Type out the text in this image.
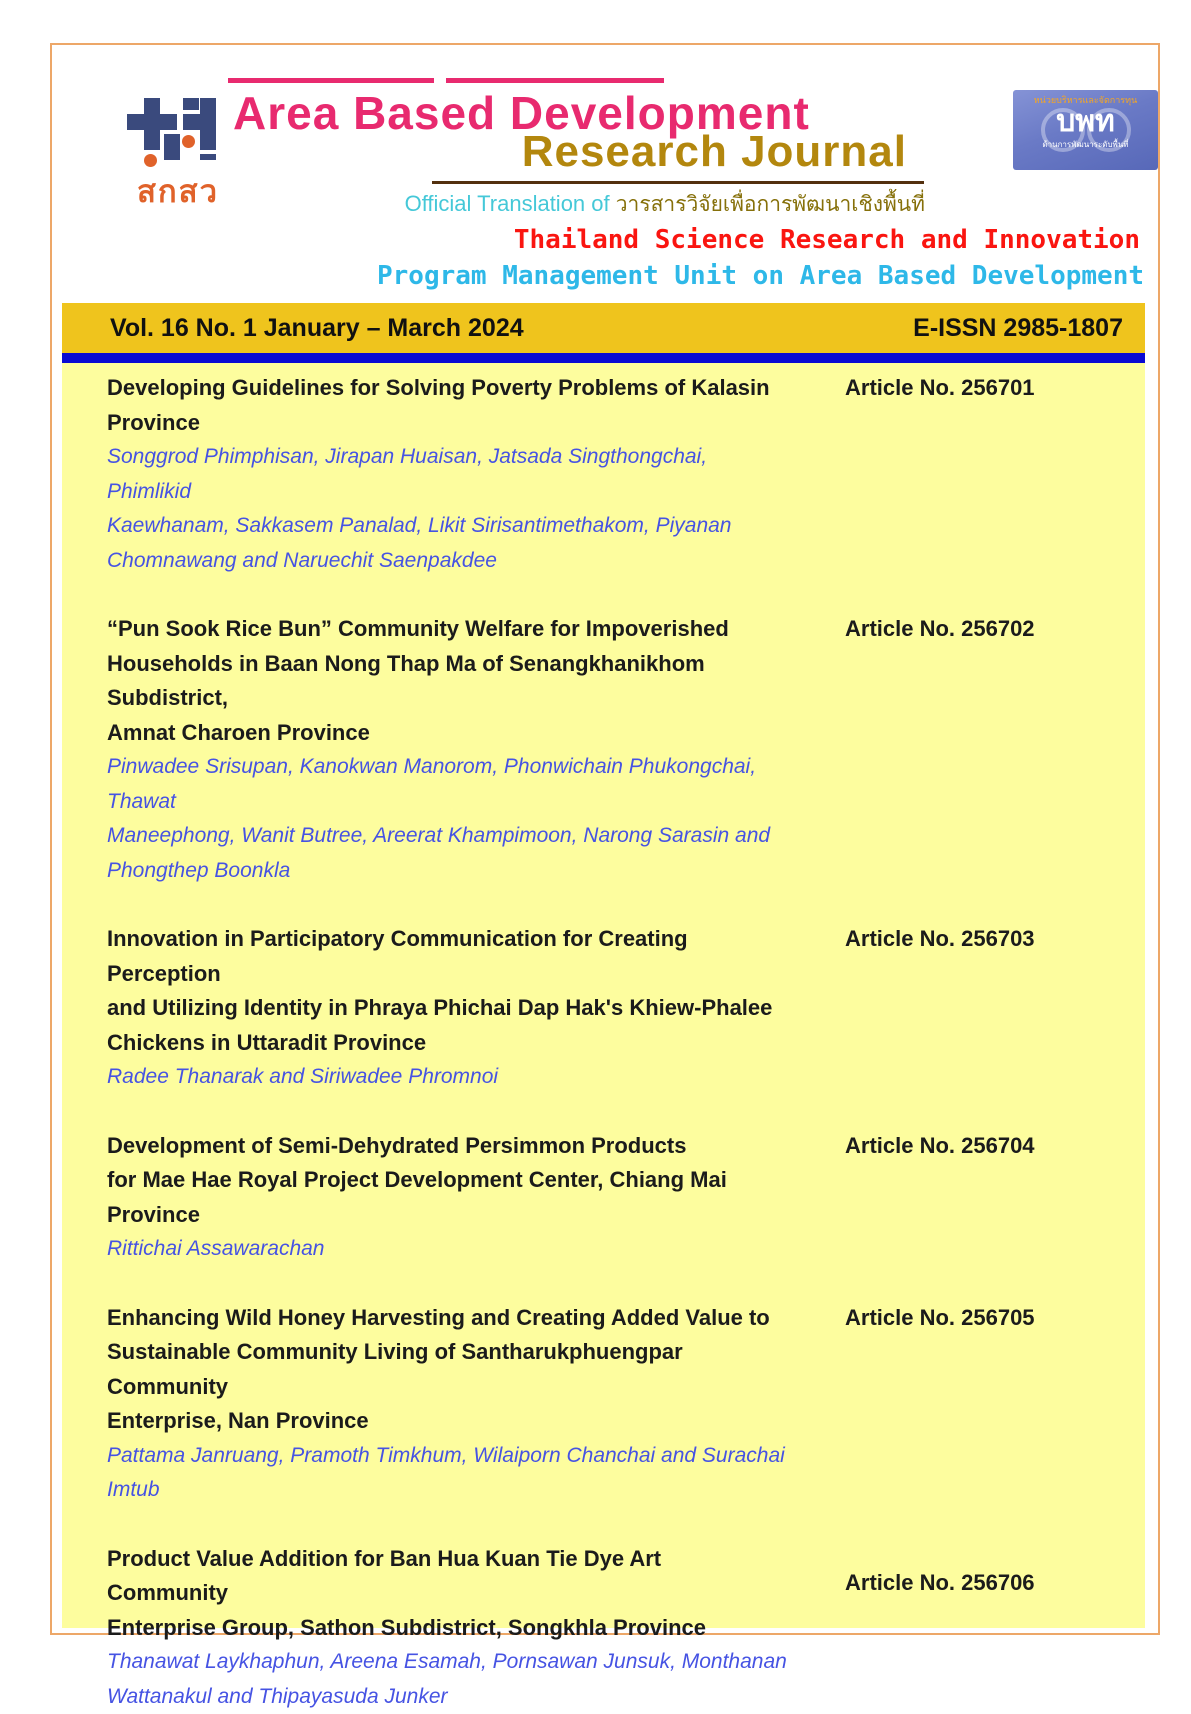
สกสว
Area Based Development
Research Journal
Official Translation of วารสารวิจัยเพื่อการพัฒนาเชิงพื้นที่
Thailand Science Research and Innovation
Program Management Unit on Area Based Development
หน่วยบริหารและจัดการทุน
บพท
ด้านการพัฒนาระดับพื้นที่
Vol. 16 No. 1 January – March 2024	E-ISSN 2985-1807
Developing Guidelines for Solving Poverty Problems of Kalasin
Province
Songgrod Phimphisan, Jirapan Huaisan, Jatsada Singthongchai, Phimlikid
Kaewhanam, Sakkasem Panalad, Likit Sirisantimethakom, Piyanan
Chomnawang and Naruechit Saenpakdee
Article No. 256701
“Pun Sook Rice Bun” Community Welfare for Impoverished
Households in Baan Nong Thap Ma of Senangkhanikhom Subdistrict,
Amnat Charoen Province
Pinwadee Srisupan, Kanokwan Manorom, Phonwichain Phukongchai, Thawat
Maneephong, Wanit Butree, Areerat Khampimoon, Narong Sarasin and
Phongthep Boonkla
Article No. 256702
Innovation in Participatory Communication for Creating Perception
and Utilizing Identity in Phraya Phichai Dap Hak's Khiew-Phalee
Chickens in Uttaradit Province
Radee Thanarak and Siriwadee Phromnoi
Article No. 256703
Development of Semi-Dehydrated Persimmon Products
for Mae Hae Royal Project Development Center, Chiang Mai Province
Rittichai Assawarachan
Article No. 256704
Enhancing Wild Honey Harvesting and Creating Added Value to
Sustainable Community Living of Santharukphuengpar Community
Enterprise, Nan Province
Pattama Janruang, Pramoth Timkhum, Wilaiporn Chanchai and Surachai
Imtub
Article No. 256705
Product Value Addition for Ban Hua Kuan Tie Dye Art Community
Enterprise Group, Sathon Subdistrict, Songkhla Province
Thanawat Laykhaphun, Areena Esamah, Pornsawan Junsuk, Monthanan
Wattanakul and Thipayasuda Junker
Article No. 256706
